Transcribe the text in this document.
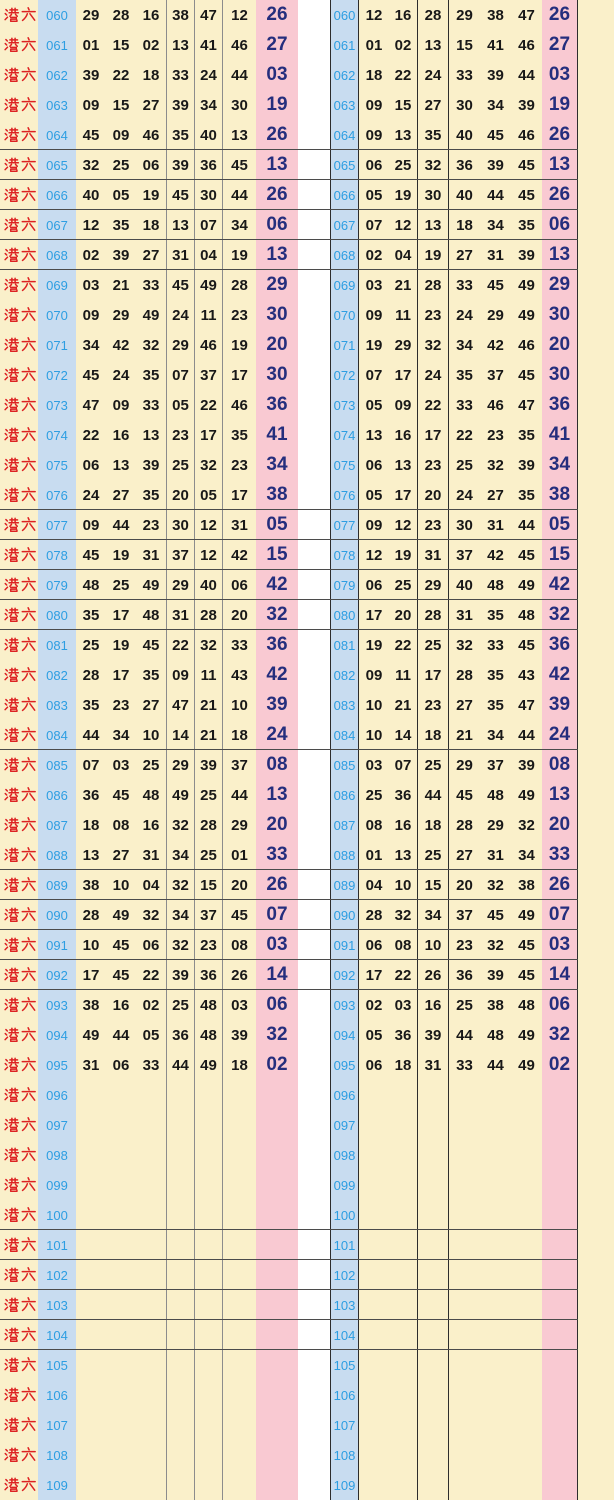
060 29 28 16 38 47 12 26
061 01 15 02 13 41 46 27
062 39 22 18 33 24 44 03
063 09 15 27 39 34 30 19
064 45 09 46 35 40 13 26
065 32 25 06 39 36 45 13
066 40 05 19 45 30 44 26
067 12 35 18 13 07 34 06
068 02 39 27 31 04 19 13
069 03 21 33 45 49 28 29
070 09 29 49 24 11 23 30
071 34 42 32 29 46 19 20
072 45 24 35 07 37 17 30
073 47 09 33 05 22 46 36
074 22 16 13 23 17 35 41
075 06 13 39 25 32 23 34
076 24 27 35 20 05 17 38
077 09 44 23 30 12 31 05
078 45 19 31 37 12 42 15
079 48 25 49 29 40 06 42
080 35 17 48 31 28 20 32
081 25 19 45 22 32 33 36
082 28 17 35 09 11 43 42
083 35 23 27 47 21 10 39
084 44 34 10 14 21 18 24
085 07 03 25 29 39 37 08
086 36 45 48 49 25 44 13
087 18 08 16 32 28 29 20
088 13 27 31 34 25 01 33
089 38 10 04 32 15 20 26
090 28 49 32 34 37 45 07
091 10 45 06 32 23 08 03
092 17 45 22 39 36 26 14
093 38 16 02 25 48 03 06
094 49 44 05 36 48 39 32
095 31 06 33 44 49 18 02
096
097
098
099
100
101
102
103
104
105
106
107
108
109
060 12 16 28 29 38 47 26
061 01 02 13 15 41 46 27
062 18 22 24 33 39 44 03
063 09 15 27 30 34 39 19
064 09 13 35 40 45 46 26
065 06 25 32 36 39 45 13
066 05 19 30 40 44 45 26
067 07 12 13 18 34 35 06
068 02 04 19 27 31 39 13
069 03 21 28 33 45 49 29
070 09 11 23 24 29 49 30
071 19 29 32 34 42 46 20
072 07 17 24 35 37 45 30
073 05 09 22 33 46 47 36
074 13 16 17 22 23 35 41
075 06 13 23 25 32 39 34
076 05 17 20 24 27 35 38
077 09 12 23 30 31 44 05
078 12 19 31 37 42 45 15
079 06 25 29 40 48 49 42
080 17 20 28 31 35 48 32
081 19 22 25 32 33 45 36
082 09 11 17 28 35 43 42
083 10 21 23 27 35 47 39
084 10 14 18 21 34 44 24
085 03 07 25 29 37 39 08
086 25 36 44 45 48 49 13
087 08 16 18 28 29 32 20
088 01 13 25 27 31 34 33
089 04 10 15 20 32 38 26
090 28 32 34 37 45 49 07
091 06 08 10 23 32 45 03
092 17 22 26 36 39 45 14
093 02 03 16 25 38 48 06
094 05 36 39 44 48 49 32
095 06 18 31 33 44 49 02
096
097
098
099
100
101
102
103
104
105
106
107
108
109
